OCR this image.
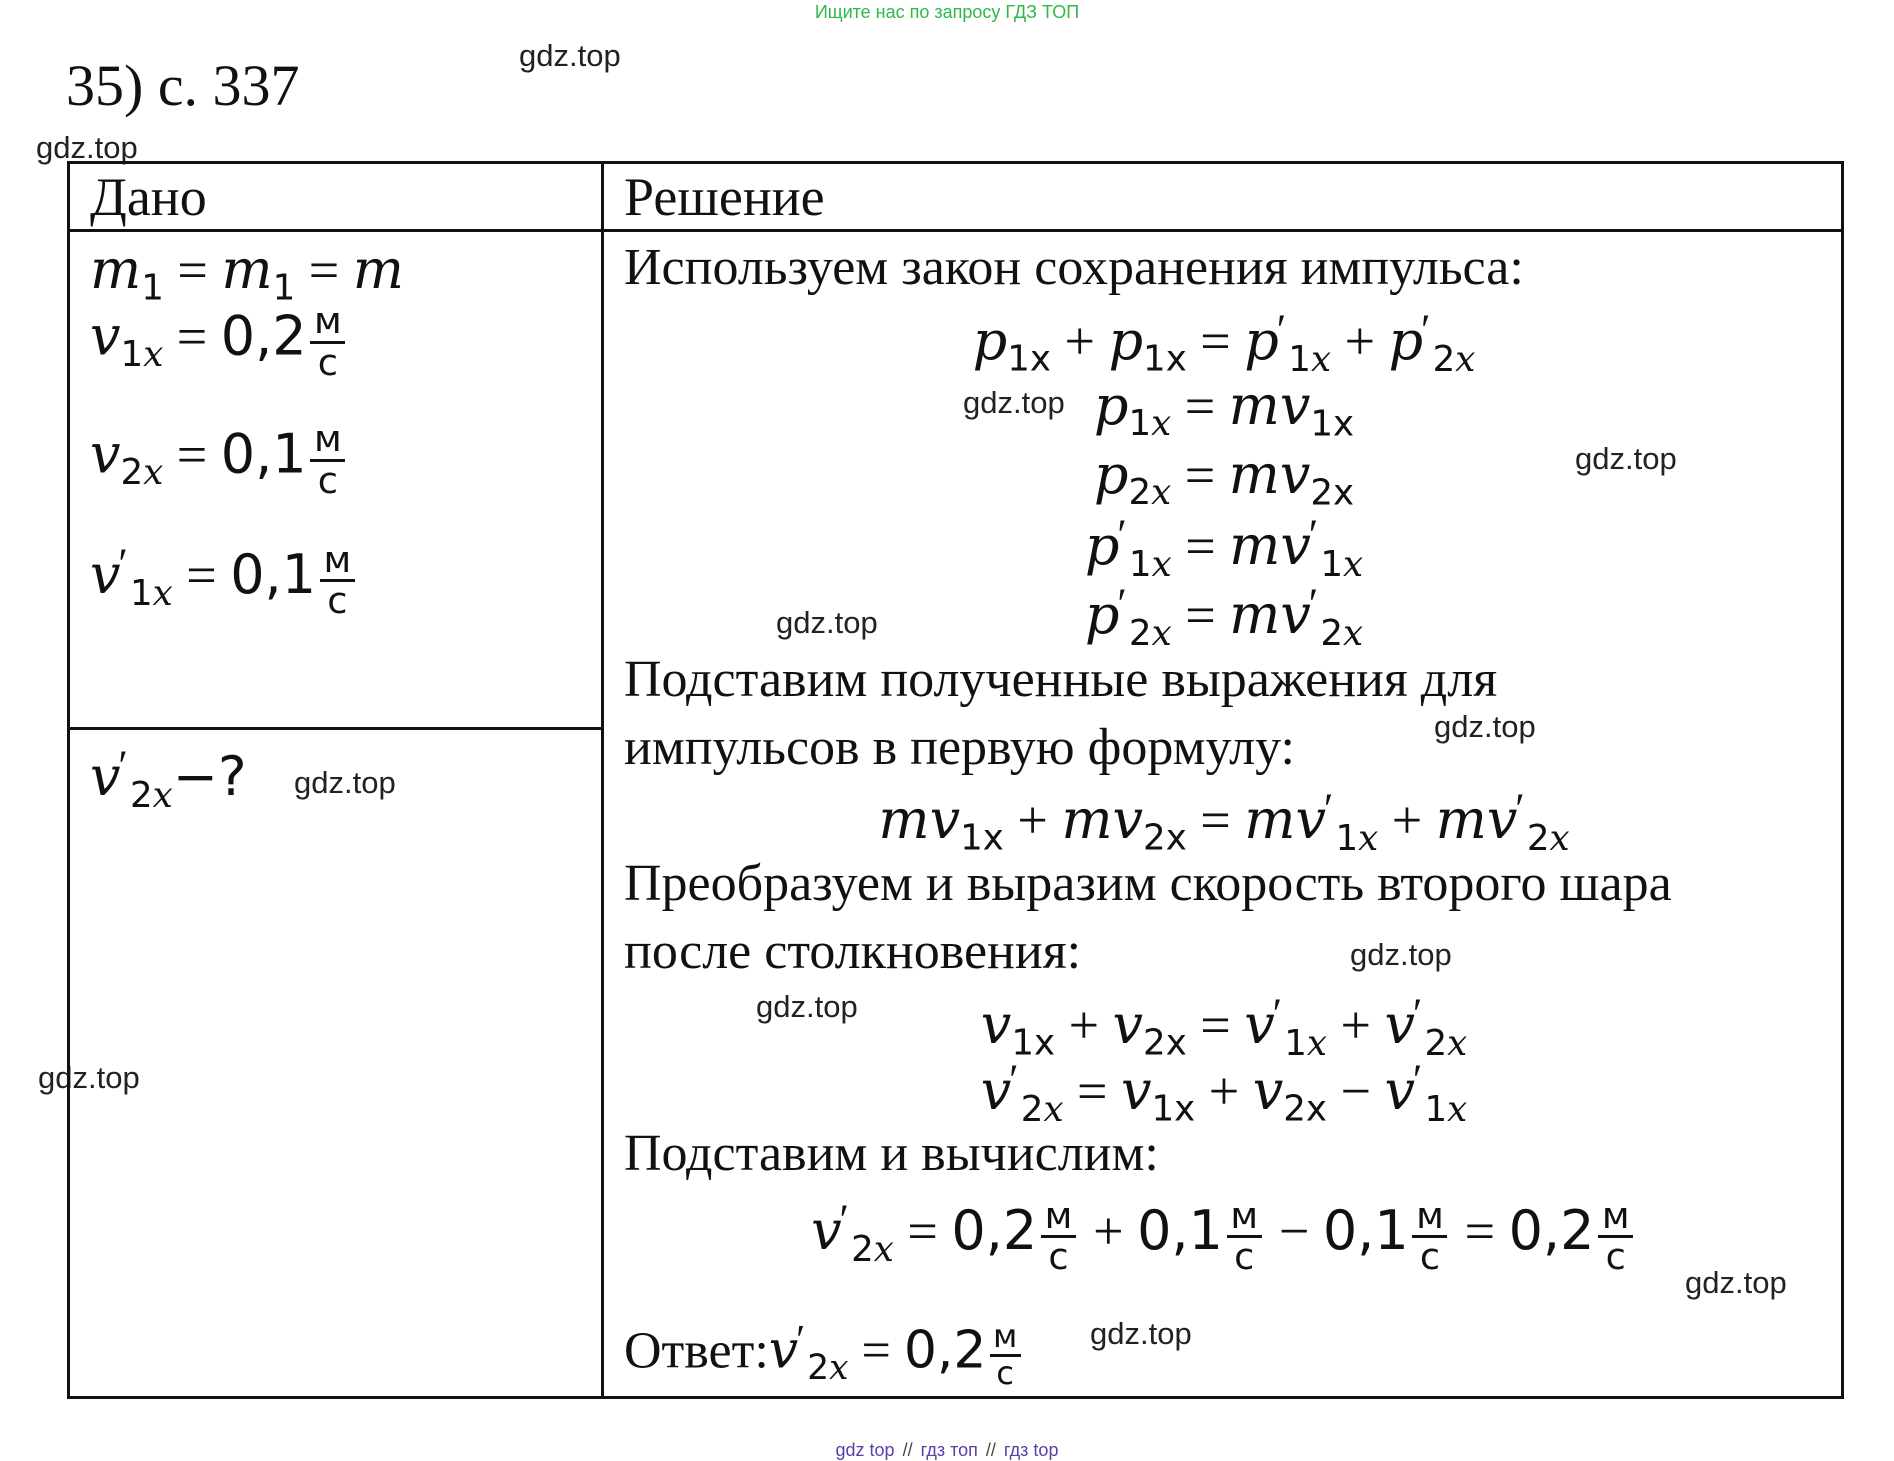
Ищите нас по запросу ГДЗ ТОП
35) с. 337	gdz.top
gdz.top
gdz.top
gdz.top
gdz.top
gdz.top
gdz.top
gdz.top
gdz.top
gdz.top
gdz.top
gdz.top
Дано	Решение
$m_1 = m_1 = m$
$v_{1x} = 0,2 \frac{м}{с}$
$v_{2x} = 0,1 \frac{м}{с}$
$v'_{1x} = 0,1 \frac{м}{с}$
$v'_{2x}-$?
Используем закон сохранения импульса:
$p_{1x} + p_{1x} = p'_{1x} + p'_{2x}$
$p_{1x} = mv_{1x}$
$p_{2x} = mv_{2x}$
$p'_{1x} = mv'_{1x}$
$p'_{2x} = mv'_{2x}$
Подставим полученные выражения для
импульсов в первую формулу:
$mv_{1x} + mv_{2x} = mv'_{1x} + mv'_{2x}$
Преобразуем и выразим скорость второго шара
после столкновения:
$v_{1x} + v_{2x} = v'_{1x} + v'_{2x}$
$v'_{2x} = v_{1x} + v_{2x} - v'_{1x}$
Подставим и вычислим:
$v'_{2x} = 0,2 \frac{м}{с} + 0,1 \frac{м}{с} - 0,1 \frac{м}{с} = 0,2 \frac{м}{с}$
$Ответ:v'_{2x} = 0,2 \frac{м}{с}$
gdz top // гдз топ // гдз top
